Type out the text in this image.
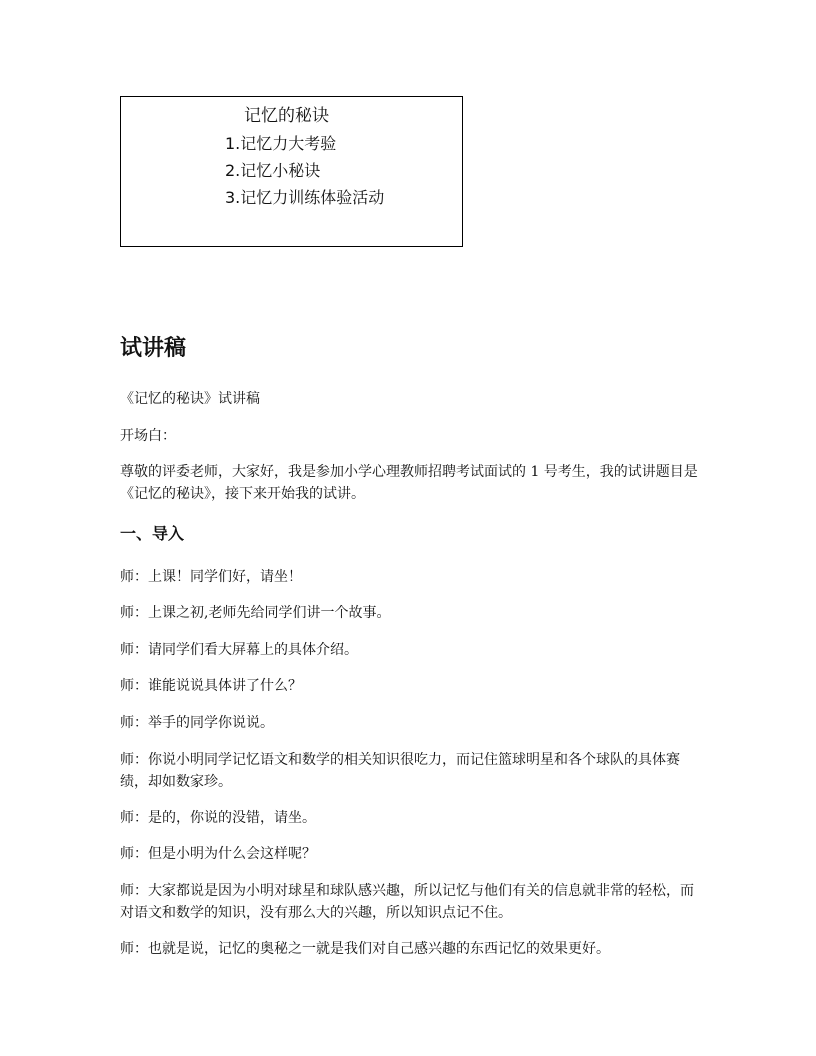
记忆的秘诀
1.记忆力大考验
2.记忆小秘诀
3.记忆力训练体验活动
试讲稿

《记忆的秘诀》试讲稿

开场白：

尊敬的评委老师，大家好，我是参加小学心理教师招聘考试面试的 1 号考生，我的试讲题目是《记忆的秘诀》，接下来开始我的试讲。

一、导入

师：上课！同学们好，请坐！

师：上课之初,老师先给同学们讲一个故事。

师：请同学们看大屏幕上的具体介绍。

师：谁能说说具体讲了什么？

师：举手的同学你说说。

师：你说小明同学记忆语文和数学的相关知识很吃力，而记住篮球明星和各个球队的具体赛绩，却如数家珍。

师：是的，你说的没错，请坐。

师：但是小明为什么会这样呢？

师：大家都说是因为小明对球星和球队感兴趣，所以记忆与他们有关的信息就非常的轻松，而对语文和数学的知识，没有那么大的兴趣，所以知识点记不住。

师：也就是说，记忆的奥秘之一就是我们对自己感兴趣的东西记忆的效果更好。
